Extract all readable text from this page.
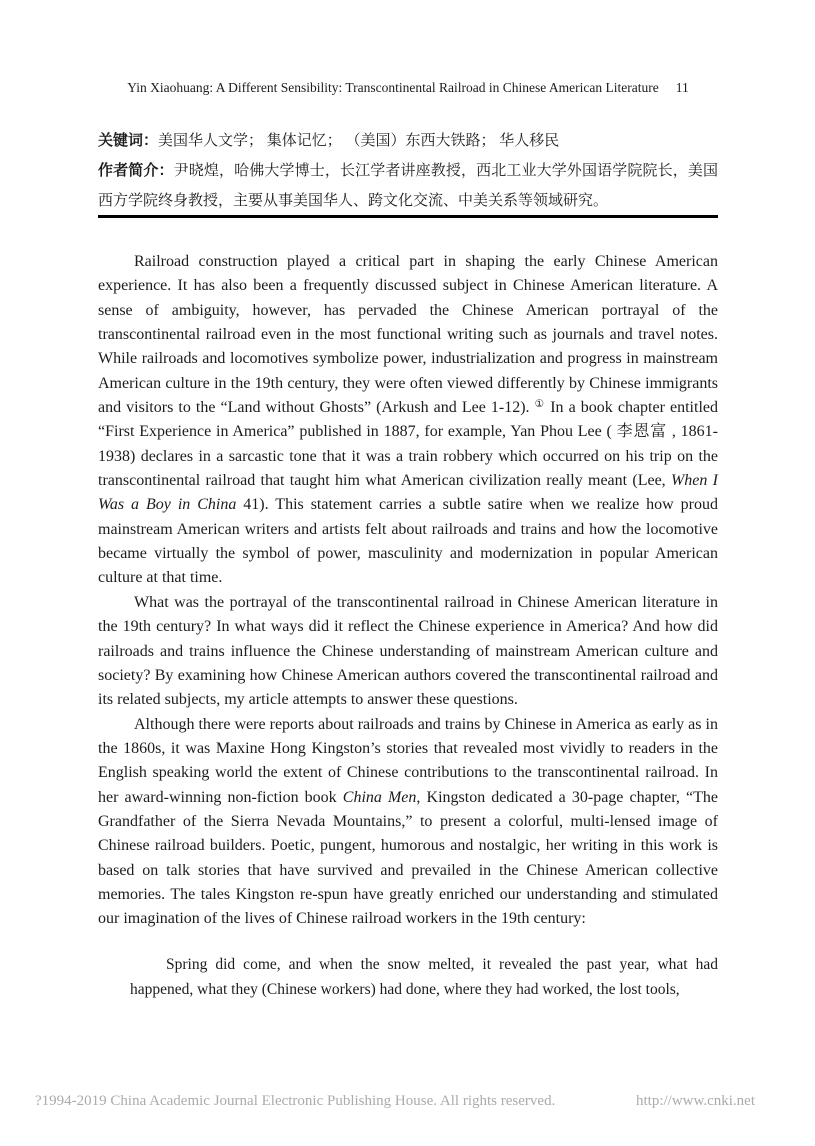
Yin Xiaohuang: A Different Sensibility: Transcontinental Railroad in Chinese American Literature 11

关键词：美国华人文学； 集体记忆； （美国）东西大铁路； 华人移民

作者简介：尹晓煌，哈佛大学博士，长江学者讲座教授，西北工业大学外国语学院院长，美国西方学院终身教授，主要从事美国华人、跨文化交流、中美关系等领域研究。

Railroad construction played a critical part in shaping the early Chinese American experience. It has also been a frequently discussed subject in Chinese American literature. A sense of ambiguity, however, has pervaded the Chinese American portrayal of the transcontinental railroad even in the most functional writing such as journals and travel notes. While railroads and locomotives symbolize power, industrialization and progress in mainstream American culture in the 19th century, they were often viewed differently by Chinese immigrants and visitors to the “Land without Ghosts” (Arkush and Lee 1-12). ① In a book chapter entitled “First Experience in America” published in 1887, for example, Yan Phou Lee ( 李恩富 , 1861-1938) declares in a sarcastic tone that it was a train robbery which occurred on his trip on the transcontinental railroad that taught him what American civilization really meant (Lee, When I Was a Boy in China 41). This statement carries a subtle satire when we realize how proud mainstream American writers and artists felt about railroads and trains and how the locomotive became virtually the symbol of power, masculinity and modernization in popular American culture at that time.

What was the portrayal of the transcontinental railroad in Chinese American literature in the 19th century? In what ways did it reflect the Chinese experience in America? And how did railroads and trains influence the Chinese understanding of mainstream American culture and society? By examining how Chinese American authors covered the transcontinental railroad and its related subjects, my article attempts to answer these questions.

Although there were reports about railroads and trains by Chinese in America as early as in the 1860s, it was Maxine Hong Kingston’s stories that revealed most vividly to readers in the English speaking world the extent of Chinese contributions to the transcontinental railroad. In her award-winning non-fiction book China Men, Kingston dedicated a 30-page chapter, “The Grandfather of the Sierra Nevada Mountains,” to present a colorful, multi-lensed image of Chinese railroad builders. Poetic, pungent, humorous and nostalgic, her writing in this work is based on talk stories that have survived and prevailed in the Chinese American collective memories. The tales Kingston re-spun have greatly enriched our understanding and stimulated our imagination of the lives of Chinese railroad workers in the 19th century:

Spring did come, and when the snow melted, it revealed the past year, what had happened, what they (Chinese workers) had done, where they had worked, the lost tools,

?1994-2019 China Academic Journal Electronic Publishing House. All rights reserved.	http://www.cnki.net
